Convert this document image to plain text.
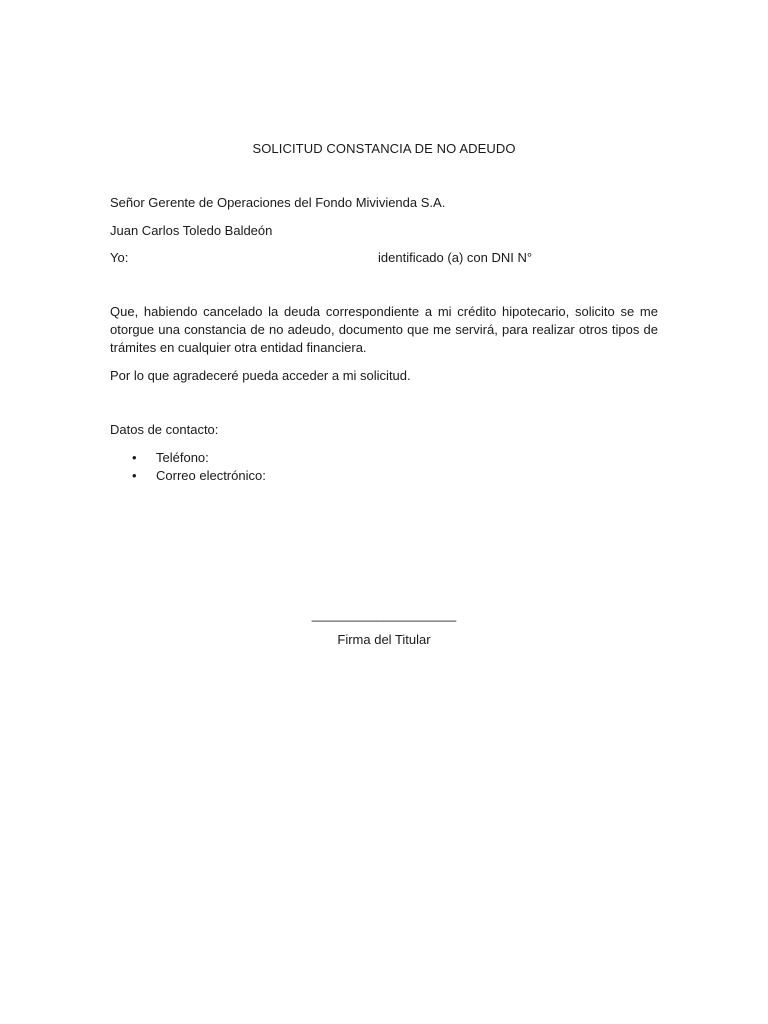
SOLICITUD CONSTANCIA DE NO ADEUDO
Señor Gerente de Operaciones del Fondo Mivivienda S.A.
Juan Carlos Toledo Baldeón
Yo:	identificado (a) con DNI N°
Que, habiendo cancelado la deuda correspondiente a mi crédito hipotecario, solicito se me otorgue una constancia de no adeudo, documento que me servirá, para realizar otros tipos de trámites en cualquier otra entidad financiera.
Por lo que agradeceré pueda acceder a mi solicitud.
Datos de contacto:
• Teléfono:
• Correo electrónico:
____________________
Firma del Titular
